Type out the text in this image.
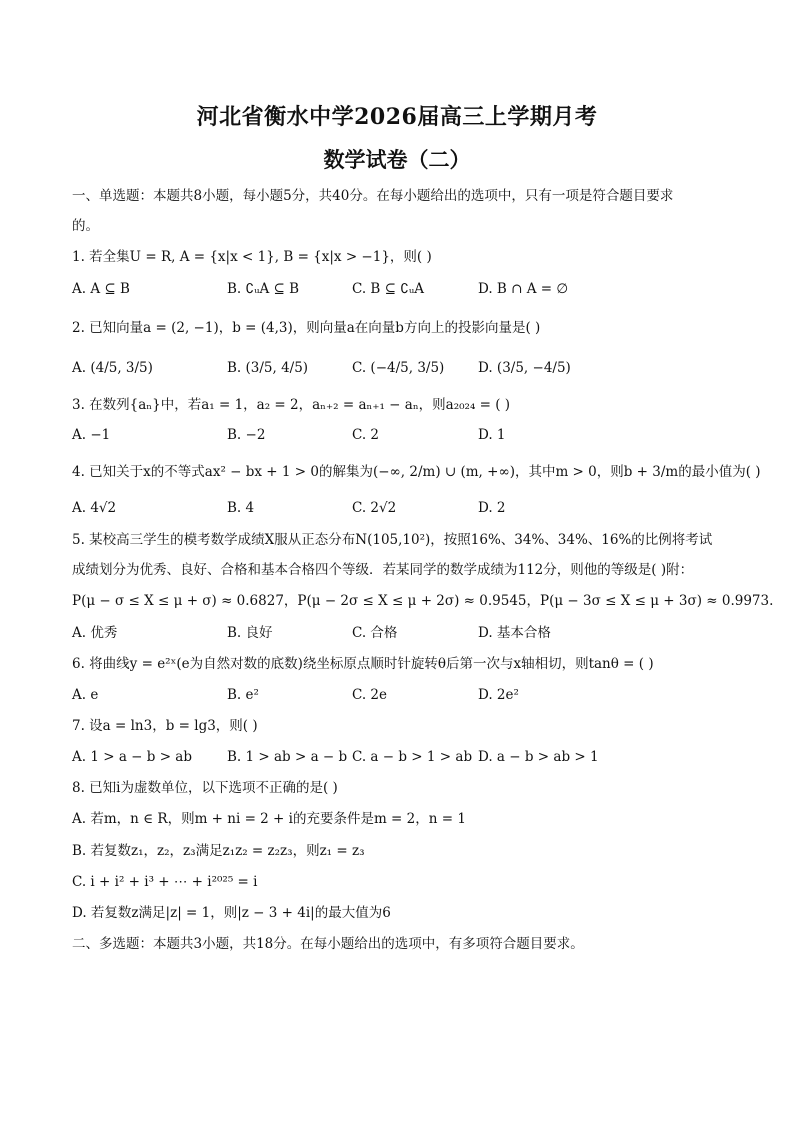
河北省衡水中学2026届高三上学期月考
数学试卷（二）
一、单选题：本题共8小题，每小题5分，共40分。在每小题给出的选项中，只有一项是符合题目要求
的。
1. 若全集U = R, A = {x|x < 1}, B = {x|x > −1}，则( )
A. A ⊆ B	B. ∁ᵤA ⊆ B	C. B ⊆ ∁ᵤA	D. B ∩ A = ∅
2. 已知向量a = (2, −1)，b = (4,3)，则向量a在向量b方向上的投影向量是( )
A. (4/5, 3/5)	B. (3/5, 4/5)	C. (−4/5, 3/5) D. (3/5, −4/5)
3. 在数列{aₙ}中，若a₁ = 1，a₂ = 2，aₙ₊₂ = aₙ₊₁ − aₙ，则a₂₀₂₄ = ( )
A. −1	B. −2	C. 2	D. 1
4. 已知关于x的不等式ax² − bx + 1 > 0的解集为(−∞, 2/m) ∪ (m, +∞)，其中m > 0，则b + 3/m的最小值为( )
A. 4√2	B. 4	C. 2√2	D. 2
5. 某校高三学生的模考数学成绩X服从正态分布N(105,10²)，按照16%、34%、34%、16%的比例将考试
成绩划分为优秀、良好、合格和基本合格四个等级．若某同学的数学成绩为112分，则他的等级是( )附：
P(μ − σ ≤ X ≤ μ + σ) ≈ 0.6827，P(μ − 2σ ≤ X ≤ μ + 2σ) ≈ 0.9545，P(μ − 3σ ≤ X ≤ μ + 3σ) ≈ 0.9973.
A. 优秀	B. 良好	C. 合格	D. 基本合格
6. 将曲线y = e²ˣ(e为自然对数的底数)绕坐标原点顺时针旋转θ后第一次与x轴相切，则tanθ = ( )
A. e	B. e²	C. 2e	D. 2e²
7. 设a = ln3，b = lg3，则( )
A. 1 > a − b > ab	B. 1 > ab > a − b C. a − b > 1 > ab D. a − b > ab > 1
8. 已知i为虚数单位，以下选项不正确的是( )
A. 若m，n ∈ R，则m + ni = 2 + i的充要条件是m = 2，n = 1
B. 若复数z₁，z₂，z₃满足z₁z₂ = z₂z₃，则z₁ = z₃
C. i + i² + i³ + ⋯ + i²⁰²⁵ = i
D. 若复数z满足|z| = 1，则|z − 3 + 4i|的最大值为6
二、多选题：本题共3小题，共18分。在每小题给出的选项中，有多项符合题目要求。
